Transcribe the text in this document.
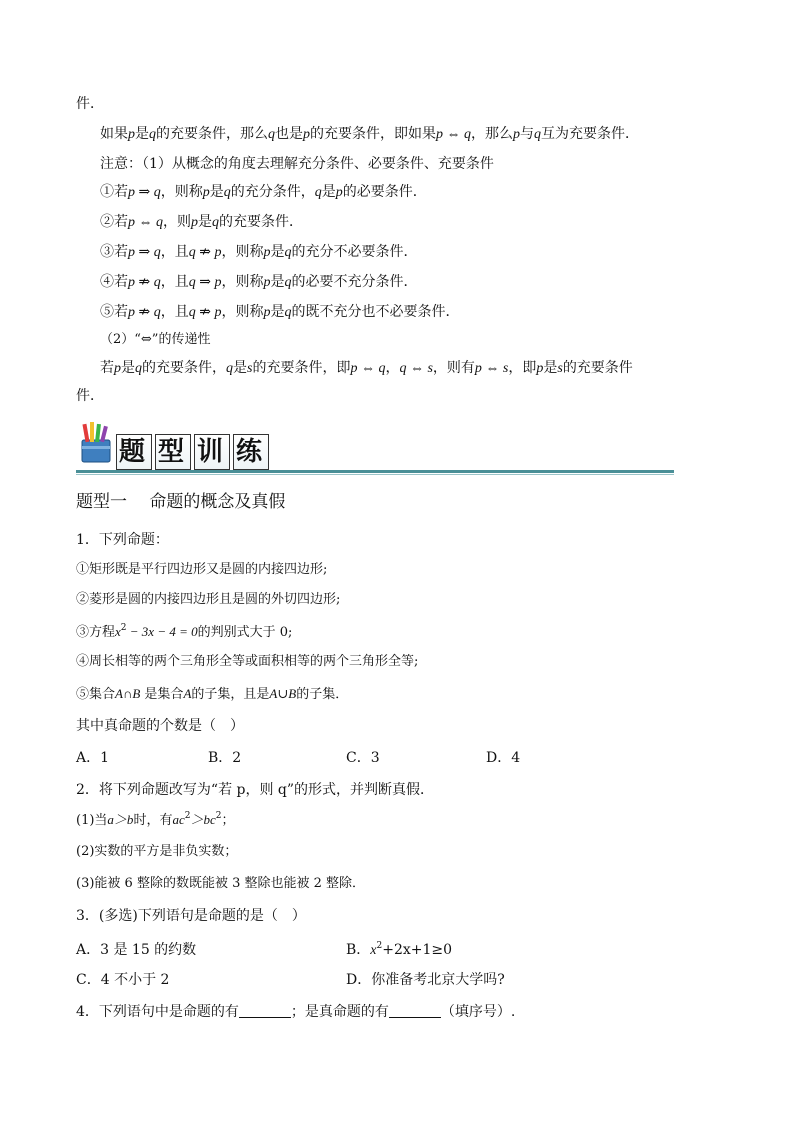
件．
如果p是q的充要条件，那么q也是p的充要条件，即如果p ⇔ q，那么p与q互为充要条件．
注意：（1）从概念的角度去理解充分条件、必要条件、充要条件
①若p ⇒ q，则称p是q的充分条件，q是p的必要条件．
②若p ⇔ q，则p是q的充要条件．
③若p ⇒ q，且q ⇏ p，则称p是q的充分不必要条件．
④若p ⇏ q，且q ⇒ p，则称p是q的必要不充分条件．
⑤若p ⇏ q，且q ⇏ p，则称p是q的既不充分也不必要条件．
（2）“⇔”的传递性
若p是q的充要条件，q是s的充要条件，即p ⇔ q，q ⇔ s，则有p ⇔ s，即p是s的充要条件
件．
题 型 训 练
题型一　 命题的概念及真假
1．下列命题：
①矩形既是平行四边形又是圆的内接四边形;
②菱形是圆的内接四边形且是圆的外切四边形;
③方程$x^2 - 3x - 4 = 0$的判别式大于 0;
④周长相等的两个三角形全等或面积相等的两个三角形全等;
⑤集合A∩B 是集合A的子集，且是A∪B的子集．
其中真命题的个数是（　）
A．1	B．2	C．3	D．4
2．将下列命题改写为“若 p，则 q”的形式，并判断真假．
(1)当a＞b时，有$ac^2>bc^2$；
(2)实数的平方是非负实数；
(3)能被 6 整除的数既能被 3 整除也能被 2 整除．
3．(多选)下列语句是命题的是（　）
A．3 是 15 的约数	B．$x^2+2x+1\ge 0$
C．4 不小于 2	D．你准备考北京大学吗?
4．下列语句中是命题的有	；是真命题的有	（填序号）.
